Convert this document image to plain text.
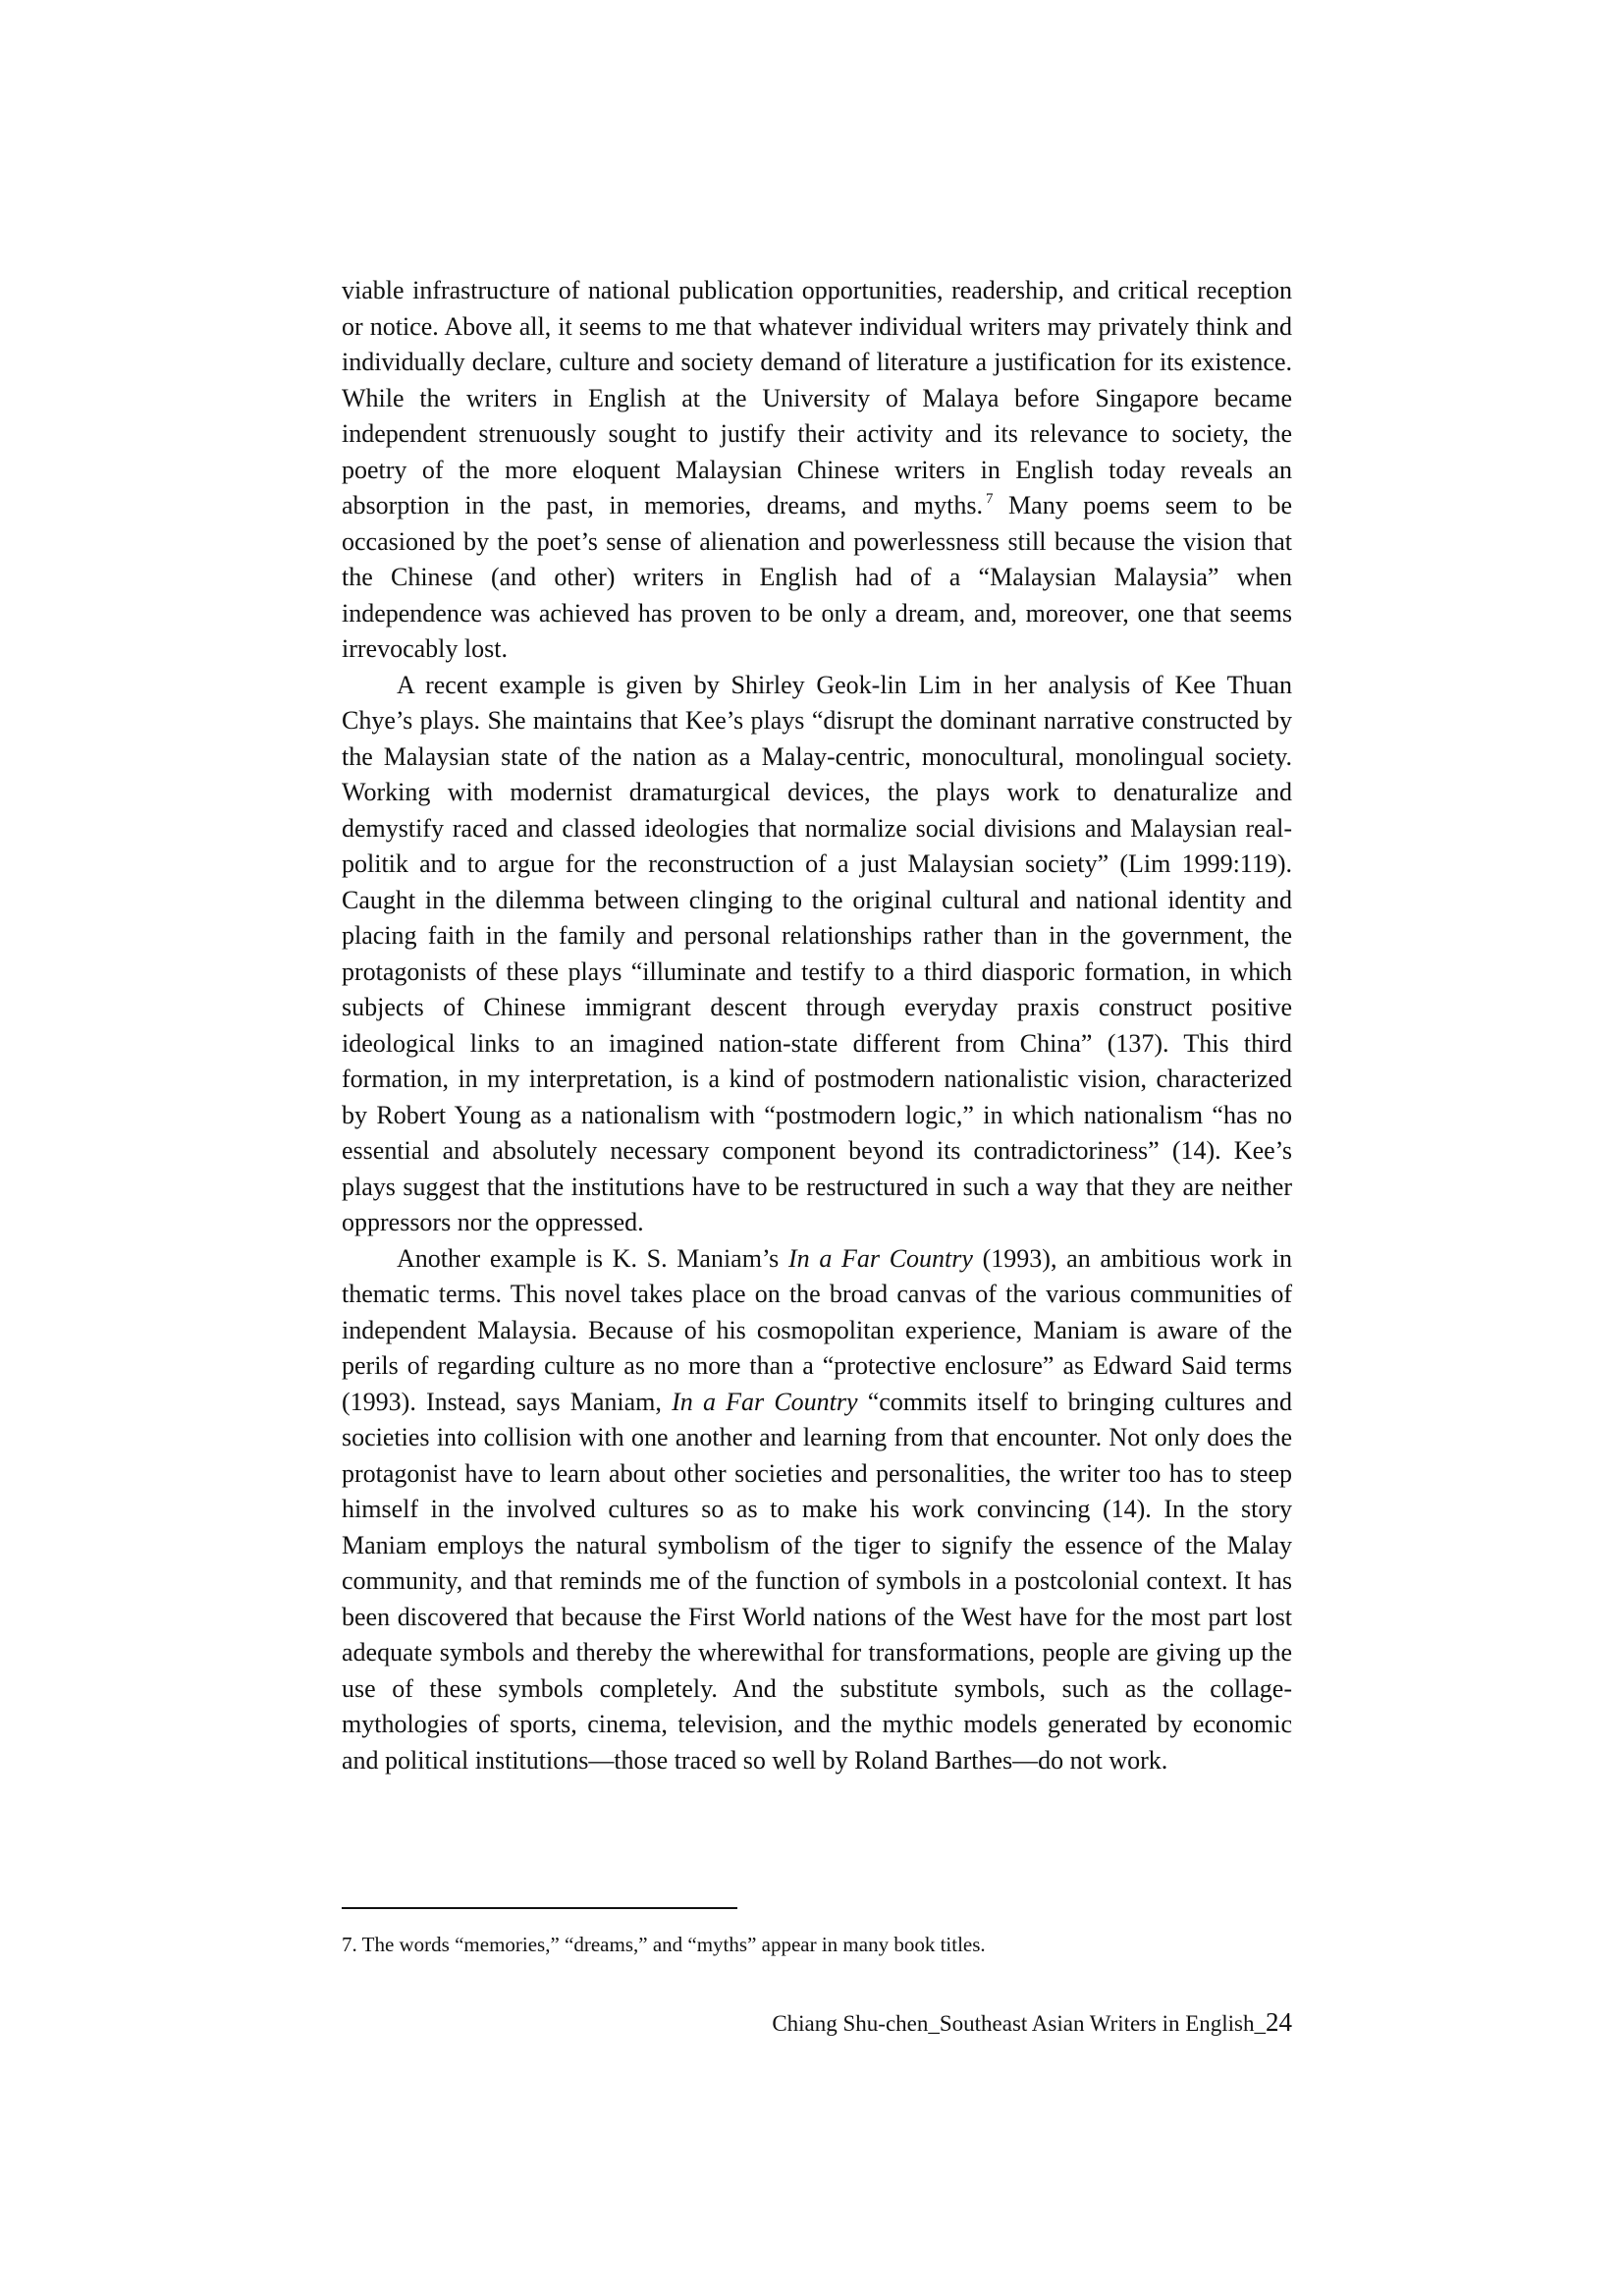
viable infrastructure of national publication opportunities, readership, and critical reception or notice. Above all, it seems to me that whatever individual writers may privately think and individually declare, culture and society demand of literature a justification for its existence. While the writers in English at the University of Malaya before Singapore became independent strenuously sought to justify their activity and its relevance to society, the poetry of the more eloquent Malaysian Chinese writers in English today reveals an absorption in the past, in memories, dreams, and myths. $^7$ Many poems seem to be occasioned by the poet’s sense of alienation and powerlessness still because the vision that the Chinese (and other) writers in English had of a “Malaysian Malaysia” when independence was achieved has proven to be only a dream, and, moreover, one that seems irrevocably lost.

A recent example is given by Shirley Geok-lin Lim in her analysis of Kee Thuan Chye’s plays. She maintains that Kee’s plays “disrupt the dominant narrative constructed by the Malaysian state of the nation as a Malay-centric, monocultural, monolingual society. Working with modernist dramaturgical devices, the plays work to denaturalize and demystify raced and classed ideologies that normalize social divisions and Malaysian real-politik and to argue for the reconstruction of a just Malaysian society” (Lim 1999:119). Caught in the dilemma between clinging to the original cultural and national identity and placing faith in the family and personal relationships rather than in the government, the protagonists of these plays “illuminate and testify to a third diasporic formation, in which subjects of Chinese immigrant descent through everyday praxis construct positive ideological links to an imagined nation-state different from China” (137). This third formation, in my interpretation, is a kind of postmodern nationalistic vision, characterized by Robert Young as a nationalism with “postmodern logic,” in which nationalism “has no essential and absolutely necessary component beyond its contradictoriness” (14). Kee’s plays suggest that the institutions have to be restructured in such a way that they are neither oppressors nor the oppressed.

Another example is K. S. Maniam’s In a Far Country (1993), an ambitious work in thematic terms. This novel takes place on the broad canvas of the various communities of independent Malaysia. Because of his cosmopolitan experience, Maniam is aware of the perils of regarding culture as no more than a “protective enclosure” as Edward Said terms (1993). Instead, says Maniam, In a Far Country “commits itself to bringing cultures and societies into collision with one another and learning from that encounter. Not only does the protagonist have to learn about other societies and personalities, the writer too has to steep himself in the involved cultures so as to make his work convincing (14). In the story Maniam employs the natural symbolism of the tiger to signify the essence of the Malay community, and that reminds me of the function of symbols in a postcolonial context. It has been discovered that because the First World nations of the West have for the most part lost adequate symbols and thereby the wherewithal for transformations, people are giving up the use of these symbols completely. And the substitute symbols, such as the collage-mythologies of sports, cinema, television, and the mythic models generated by economic and political institutions—those traced so well by Roland Barthes—do not work.

7. The words “memories,” “dreams,” and “myths” appear in many book titles.
Chiang Shu-chen_Southeast Asian Writers in English_24
